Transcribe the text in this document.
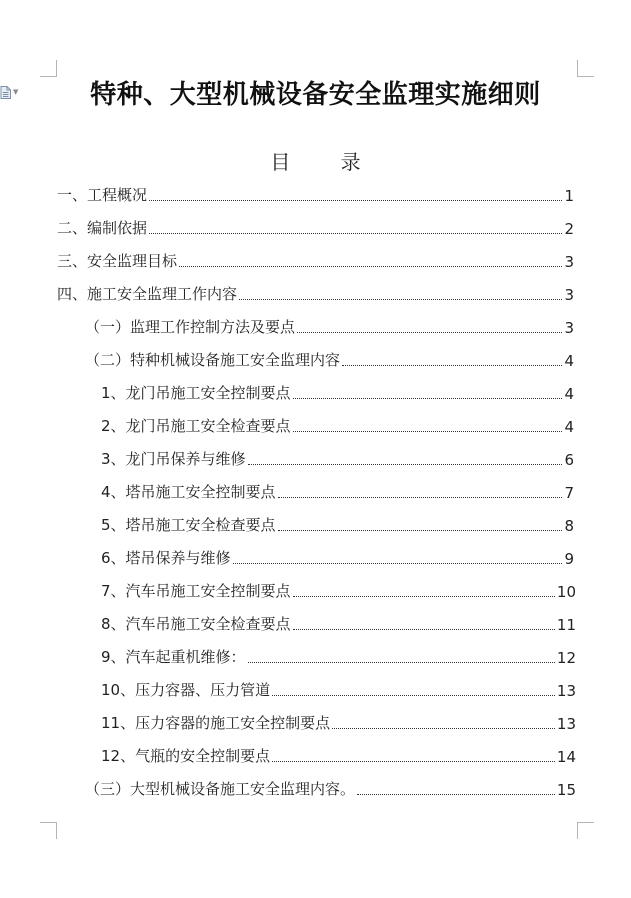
▼	特种、大型机械设备安全监理实施细则
目 录
一、工程概况	1
二、编制依据	2
三、安全监理目标	3
四、施工安全监理工作内容	3
（一）监理工作控制方法及要点	3
（二）特种机械设备施工安全监理内容	4
1、龙门吊施工安全控制要点	4
2、龙门吊施工安全检查要点	4
3、龙门吊保养与维修	6
4、塔吊施工安全控制要点	7
5、塔吊施工安全检查要点	8
6、塔吊保养与维修	9
7、汽车吊施工安全控制要点	10
8、汽车吊施工安全检查要点	11
9、汽车起重机维修：	12
10、压力容器、压力管道	13
11、压力容器的施工安全控制要点	13
12、气瓶的安全控制要点	14
（三）大型机械设备施工安全监理内容。	15
